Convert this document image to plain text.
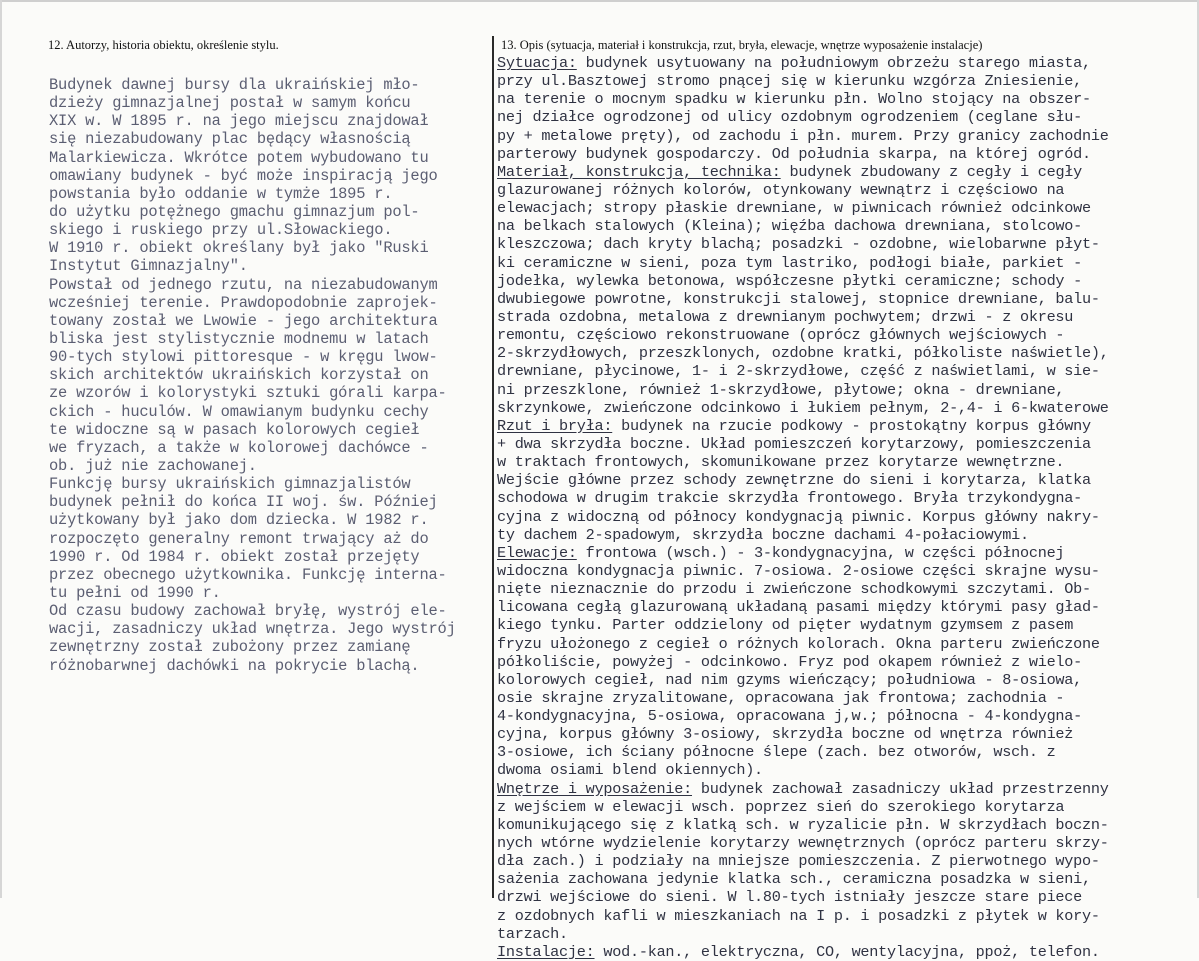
12. Autorzy, historia obiektu, określenie stylu.	13. Opis (sytuacja, materiał i konstrukcja, rzut, bryła, elewacje, wnętrze wyposażenie instalacje)
Budynek dawnej bursy dla ukraińskiej mło-
dzieży gimnazjalnej postał w samym końcu
XIX w. W 1895 r. na jego miejscu znajdował
się niezabudowany plac będący własnością
Malarkiewicza. Wkrótce potem wybudowano tu
omawiany budynek - być może inspiracją jego
powstania było oddanie w tymże 1895 r.
do użytku potężnego gmachu gimnazjum pol-
skiego i ruskiego przy ul.Słowackiego.
W 1910 r. obiekt określany był jako "Ruski
Instytut Gimnazjalny".
Powstał od jednego rzutu, na niezabudowanym
wcześniej terenie. Prawdopodobnie zaprojek-
towany został we Lwowie - jego architektura
bliska jest stylistycznie modnemu w latach
90-tych stylowi pittoresque - w kręgu lwow-
skich architektów ukraińskich korzystał on
ze wzorów i kolorystyki sztuki górali karpa-
ckich - huculów. W omawianym budynku cechy
te widoczne są w pasach kolorowych cegieł
we fryzach, a także w kolorowej dachówce -
ob. już nie zachowanej.
Funkcję bursy ukraińskich gimnazjalistów
budynek pełnił do końca II woj. św. Później
użytkowany był jako dom dziecka. W 1982 r.
rozpoczęto generalny remont trwający aż do
1990 r. Od 1984 r. obiekt został przejęty
przez obecnego użytkownika. Funkcję interna-
tu pełni od 1990 r.
Od czasu budowy zachował bryłę, wystrój ele-
wacji, zasadniczy układ wnętrza. Jego wystrój
zewnętrzny został zubożony przez zamianę
różnobarwnej dachówki na pokrycie blachą.
Sytuacja: budynek usytuowany na południowym obrzeżu starego miasta,
przy ul.Basztowej stromo pnącej się w kierunku wzgórza Zniesienie,
na terenie o mocnym spadku w kierunku płn. Wolno stojący na obszer-
nej działce ogrodzonej od ulicy ozdobnym ogrodzeniem (ceglane słu-
py + metalowe pręty), od zachodu i płn. murem. Przy granicy zachodnie
parterowy budynek gospodarczy. Od południa skarpa, na której ogród.
Materiał, konstrukcja, technika: budynek zbudowany z cegły i cegły
glazurowanej różnych kolorów, otynkowany wewnątrz i częściowo na
elewacjach; stropy płaskie drewniane, w piwnicach również odcinkowe
na belkach stalowych (Kleina); więźba dachowa drewniana, stolcowo-
kleszczowa; dach kryty blachą; posadzki - ozdobne, wielobarwne płyt-
ki ceramiczne w sieni, poza tym lastriko, podłogi białe, parkiet -
jodełka, wylewka betonowa, współczesne płytki ceramiczne; schody -
dwubiegowe powrotne, konstrukcji stalowej, stopnice drewniane, balu-
strada ozdobna, metalowa z drewnianym pochwytem; drzwi - z okresu
remontu, częściowo rekonstruowane (oprócz głównych wejściowych -
2-skrzydłowych, przeszklonych, ozdobne kratki, półkoliste naświetle),
drewniane, płycinowe, 1- i 2-skrzydłowe, część z naświetlami, w sie-
ni przeszklone, również 1-skrzydłowe, płytowe; okna - drewniane,
skrzynkowe, zwieńczone odcinkowo i łukiem pełnym, 2-,4- i 6-kwaterowe
Rzut i bryła: budynek na rzucie podkowy - prostokątny korpus główny
+ dwa skrzydła boczne. Układ pomieszczeń korytarzowy, pomieszczenia
w traktach frontowych, skomunikowane przez korytarze wewnętrzne.
Wejście główne przez schody zewnętrzne do sieni i korytarza, klatka
schodowa w drugim trakcie skrzydła frontowego. Bryła trzykondygna-
cyjna z widoczną od północy kondygnacją piwnic. Korpus główny nakry-
ty dachem 2-spadowym, skrzydła boczne dachami 4-połaciowymi.
Elewacje: frontowa (wsch.) - 3-kondygnacyjna, w części północnej
widoczna kondygnacja piwnic. 7-osiowa. 2-osiowe części skrajne wysu-
nięte nieznacznie do przodu i zwieńczone schodkowymi szczytami. Ob-
licowana cegłą glazurowaną układaną pasami między którymi pasy gład-
kiego tynku. Parter oddzielony od pięter wydatnym gzymsem z pasem
fryzu ułożonego z cegieł o różnych kolorach. Okna parteru zwieńczone
półkoliście, powyżej - odcinkowo. Fryz pod okapem również z wielo-
kolorowych cegieł, nad nim gzyms wieńczący; południowa - 8-osiowa,
osie skrajne zryzalitowane, opracowana jak frontowa; zachodnia -
4-kondygnacyjna, 5-osiowa, opracowana j,w.; północna - 4-kondygna-
cyjna, korpus główny 3-osiowy, skrzydła boczne od wnętrza również
3-osiowe, ich ściany północne ślepe (zach. bez otworów, wsch. z
dwoma osiami blend okiennych).
Wnętrze i wyposażenie: budynek zachował zasadniczy układ przestrzenny
z wejściem w elewacji wsch. poprzez sień do szerokiego korytarza
komunikującego się z klatką sch. w ryzalicie płn. W skrzydłach boczn-
nych wtórne wydzielenie korytarzy wewnętrznych (oprócz parteru skrzy-
dła zach.) i podziały na mniejsze pomieszczenia. Z pierwotnego wypo-
sażenia zachowana jedynie klatka sch., ceramiczna posadzka w sieni,
drzwi wejściowe do sieni. W l.80-tych istniały jeszcze stare piece
z ozdobnych kafli w mieszkaniach na I p. i posadzki z płytek w kory-
tarzach.
Instalacje: wod.-kan., elektryczna, CO, wentylacyjna, ppoż, telefon.
